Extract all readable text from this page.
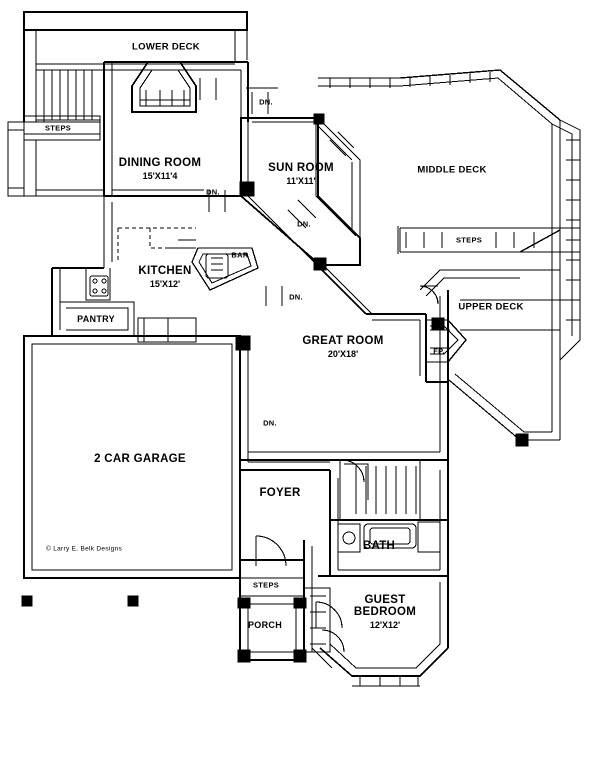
DINING ROOM
15'X11'4
SUN ROOM
11'X11'
KITCHEN
15'X12'
GREAT ROOM
20'X18'
GUEST
BEDROOM
12'X12'
2 CAR GARAGE
FOYER
BATH
PANTRY
BAR
PORCH
FP.
LOWER DECK
MIDDLE DECK
UPPER DECK
STEPS
STEPS
STEPS
DN.
DN.
DN.
DN.
DN.
© Larry E. Belk Designs
